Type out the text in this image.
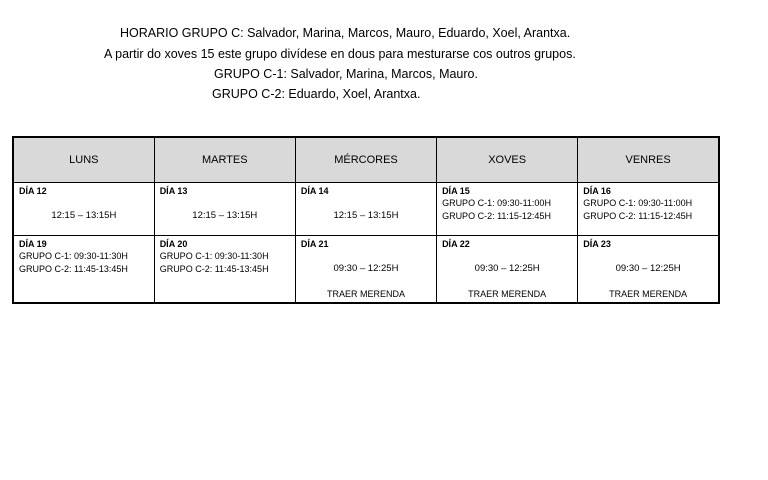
HORARIO GRUPO C: Salvador, Marina, Marcos, Mauro, Eduardo, Xoel, Arantxa.
A partir do xoves 15 este grupo divídese en dous para mesturarse cos outros grupos.
GRUPO C-1: Salvador, Marina, Marcos, Mauro.
GRUPO C-2: Eduardo, Xoel, Arantxa.
LUNS	MARTES	MÉRCORES	XOVES	VENRES

DÍA 12
12:15 – 13:15H	DÍA 13
12:15 – 13:15H	DÍA 14
12:15 – 13:15H	DÍA 15
GRUPO C-1: 09:30-11:00H
GRUPO C-2: 11:15-12:45H	DÍA 16
GRUPO C-1: 09:30-11:00H
GRUPO C-2: 11:15-12:45H

DÍA 19
GRUPO C-1: 09:30-11:30H
GRUPO C-2: 11:45-13:45H	DÍA 20
GRUPO C-1: 09:30-11:30H
GRUPO C-2: 11:45-13:45H	DÍA 21
09:30 – 12:25H
TRAER MERENDA	DÍA 22
09:30 – 12:25H
TRAER MERENDA	DÍA 23
09:30 – 12:25H
TRAER MERENDA
